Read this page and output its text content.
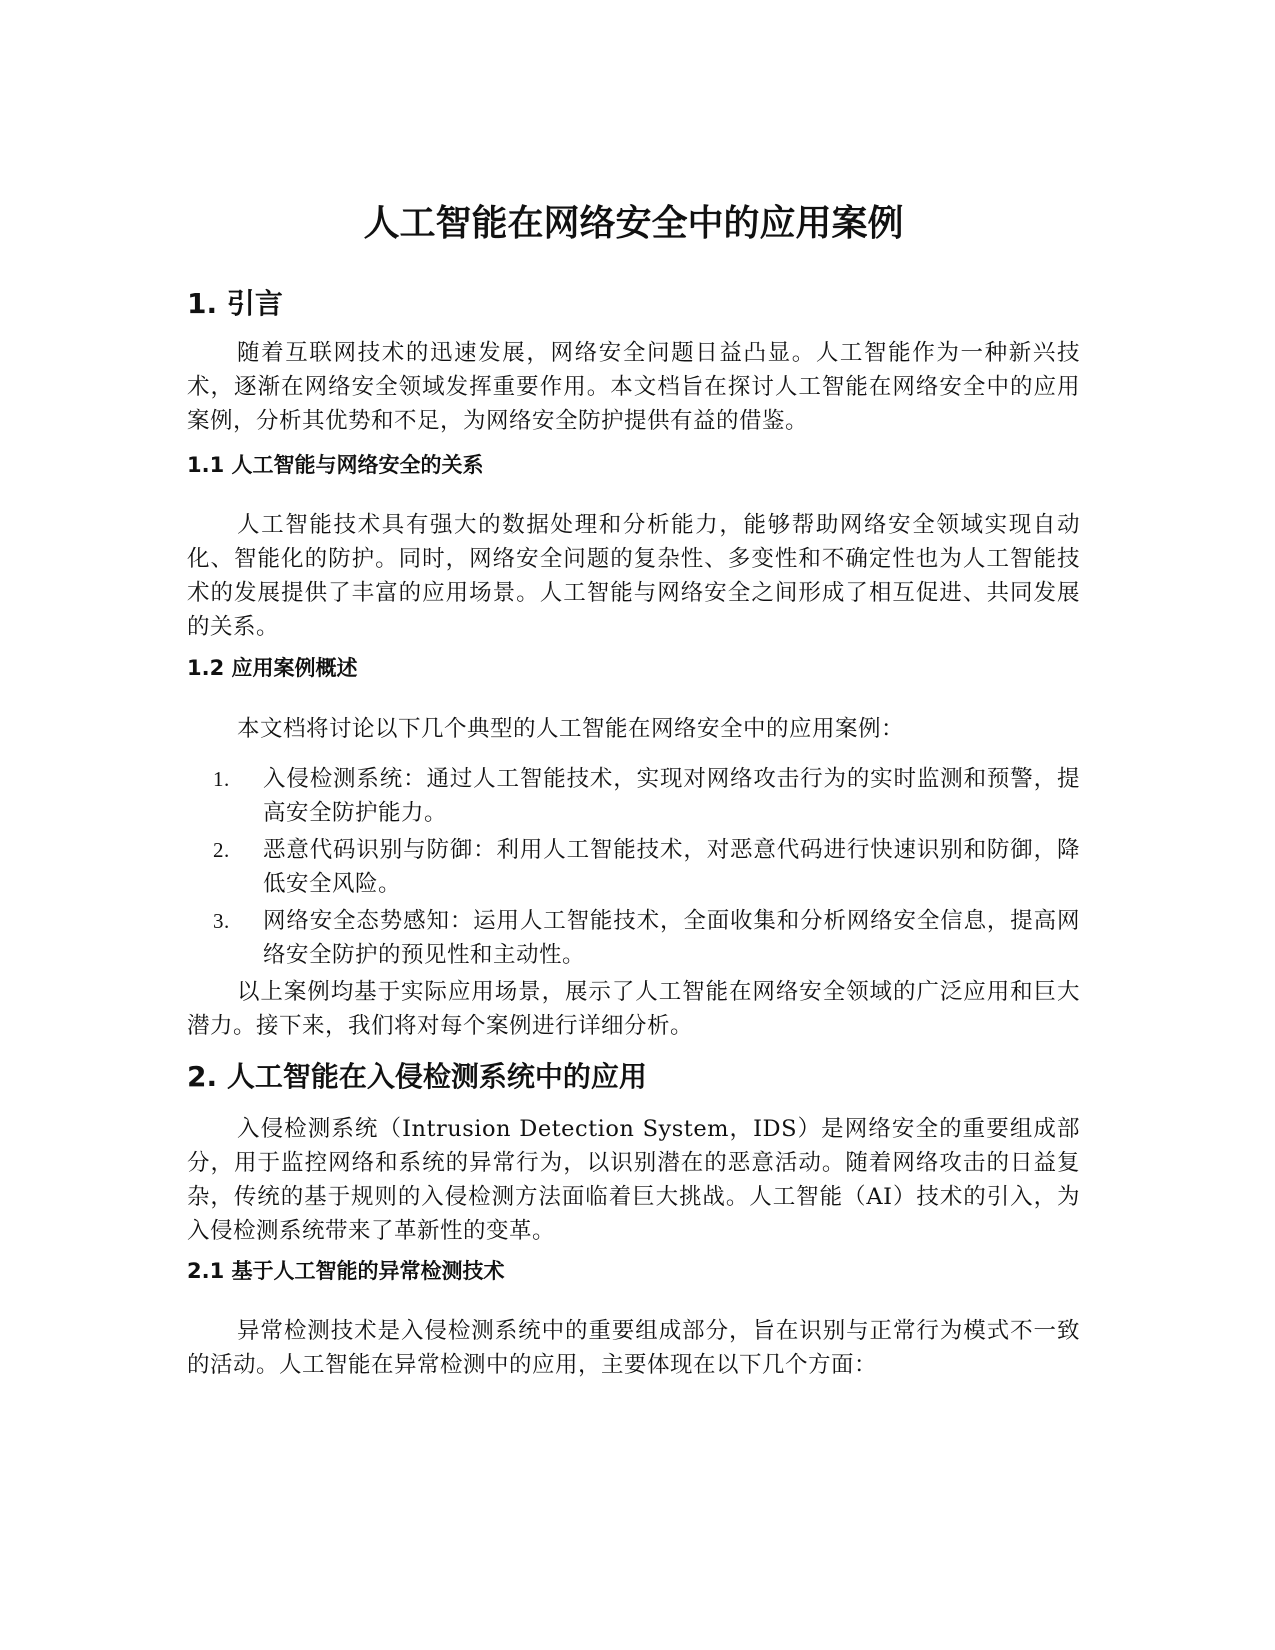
人工智能在网络安全中的应用案例
1. 引言

随着互联网技术的迅速发展，网络安全问题日益凸显。人工智能作为一种新兴技术，逐渐在网络安全领域发挥重要作用。本文档旨在探讨人工智能在网络安全中的应用案例，分析其优势和不足，为网络安全防护提供有益的借鉴。

1.1 人工智能与网络安全的关系

人工智能技术具有强大的数据处理和分析能力，能够帮助网络安全领域实现自动化、智能化的防护。同时，网络安全问题的复杂性、多变性和不确定性也为人工智能技术的发展提供了丰富的应用场景。人工智能与网络安全之间形成了相互促进、共同发展的关系。

1.2 应用案例概述

本文档将讨论以下几个典型的人工智能在网络安全中的应用案例：

1. 入侵检测系统：通过人工智能技术，实现对网络攻击行为的实时监测和预警，提高安全防护能力。
2. 恶意代码识别与防御：利用人工智能技术，对恶意代码进行快速识别和防御，降低安全风险。
3. 网络安全态势感知：运用人工智能技术，全面收集和分析网络安全信息，提高网络安全防护的预见性和主动性。

以上案例均基于实际应用场景，展示了人工智能在网络安全领域的广泛应用和巨大潜力。接下来，我们将对每个案例进行详细分析。

2. 人工智能在入侵检测系统中的应用

入侵检测系统（Intrusion Detection System，IDS）是网络安全的重要组成部分，用于监控网络和系统的异常行为，以识别潜在的恶意活动。随着网络攻击的日益复杂，传统的基于规则的入侵检测方法面临着巨大挑战。人工智能（AI）技术的引入，为入侵检测系统带来了革新性的变革。

2.1 基于人工智能的异常检测技术

异常检测技术是入侵检测系统中的重要组成部分，旨在识别与正常行为模式不一致的活动。人工智能在异常检测中的应用，主要体现在以下几个方面：
